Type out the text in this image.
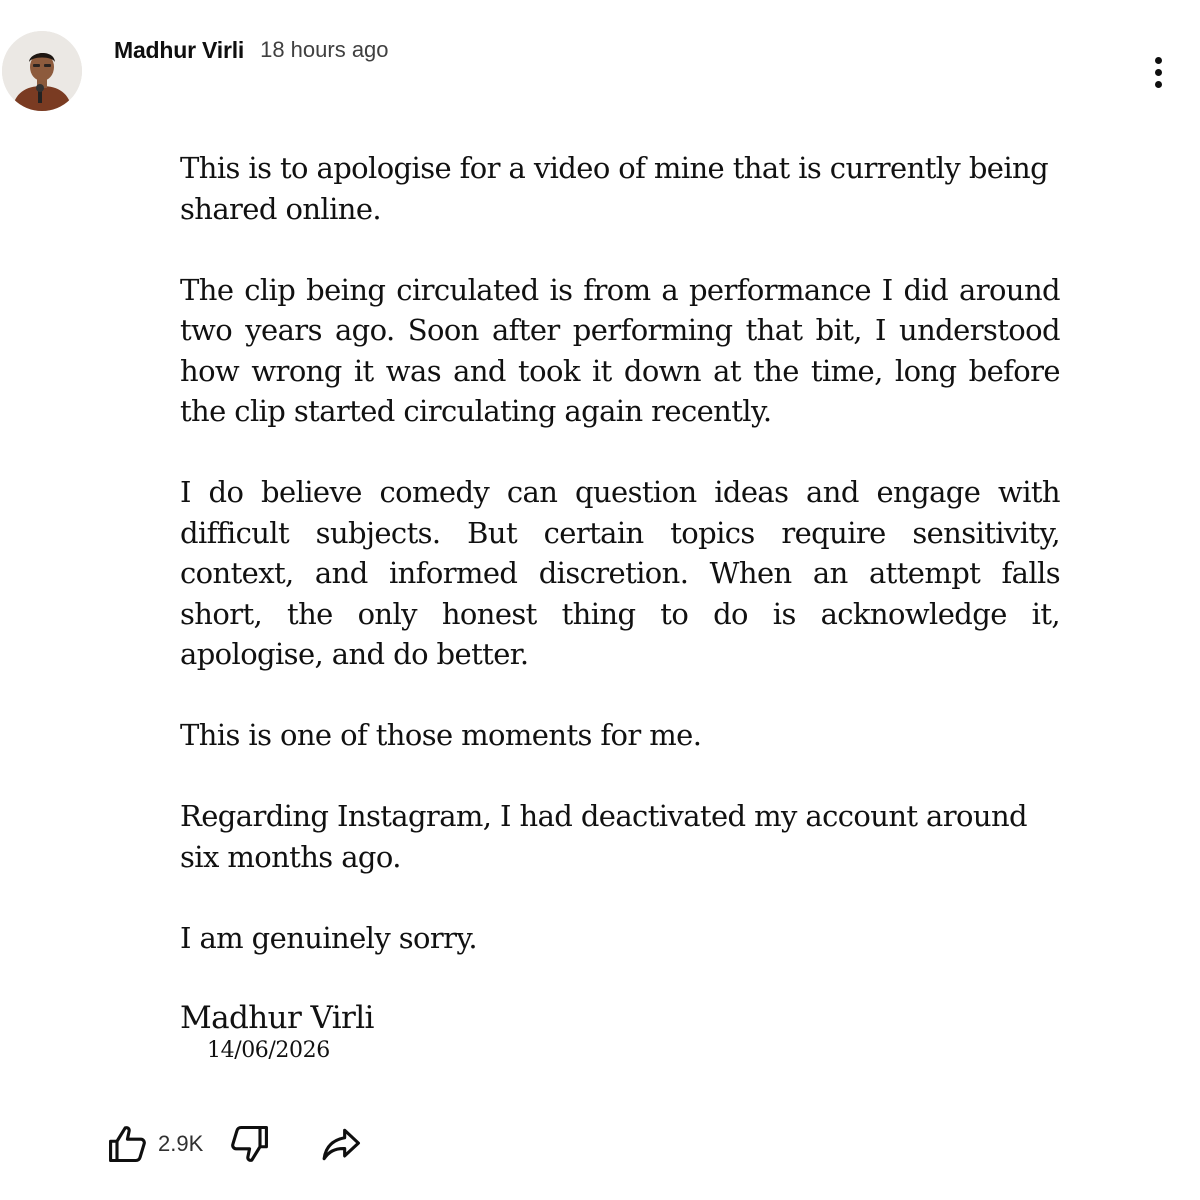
Madhur Virli 18 hours ago

This is to apologise for a video of mine that is currently being shared online.

The clip being circulated is from a performance I did around two years ago. Soon after performing that bit, I understood how wrong it was and took it down at the time, long before the clip started circulating again recently.

I do believe comedy can question ideas and engage with difficult subjects. But certain topics require sensitivity, context, and informed discretion. When an attempt falls short, the only honest thing to do is acknowledge it, apologise, and do better.

This is one of those moments for me.

Regarding Instagram, I had deactivated my account around six months ago.

I am genuinely sorry.

Madhur Virli
14/06/2026
2.9K
